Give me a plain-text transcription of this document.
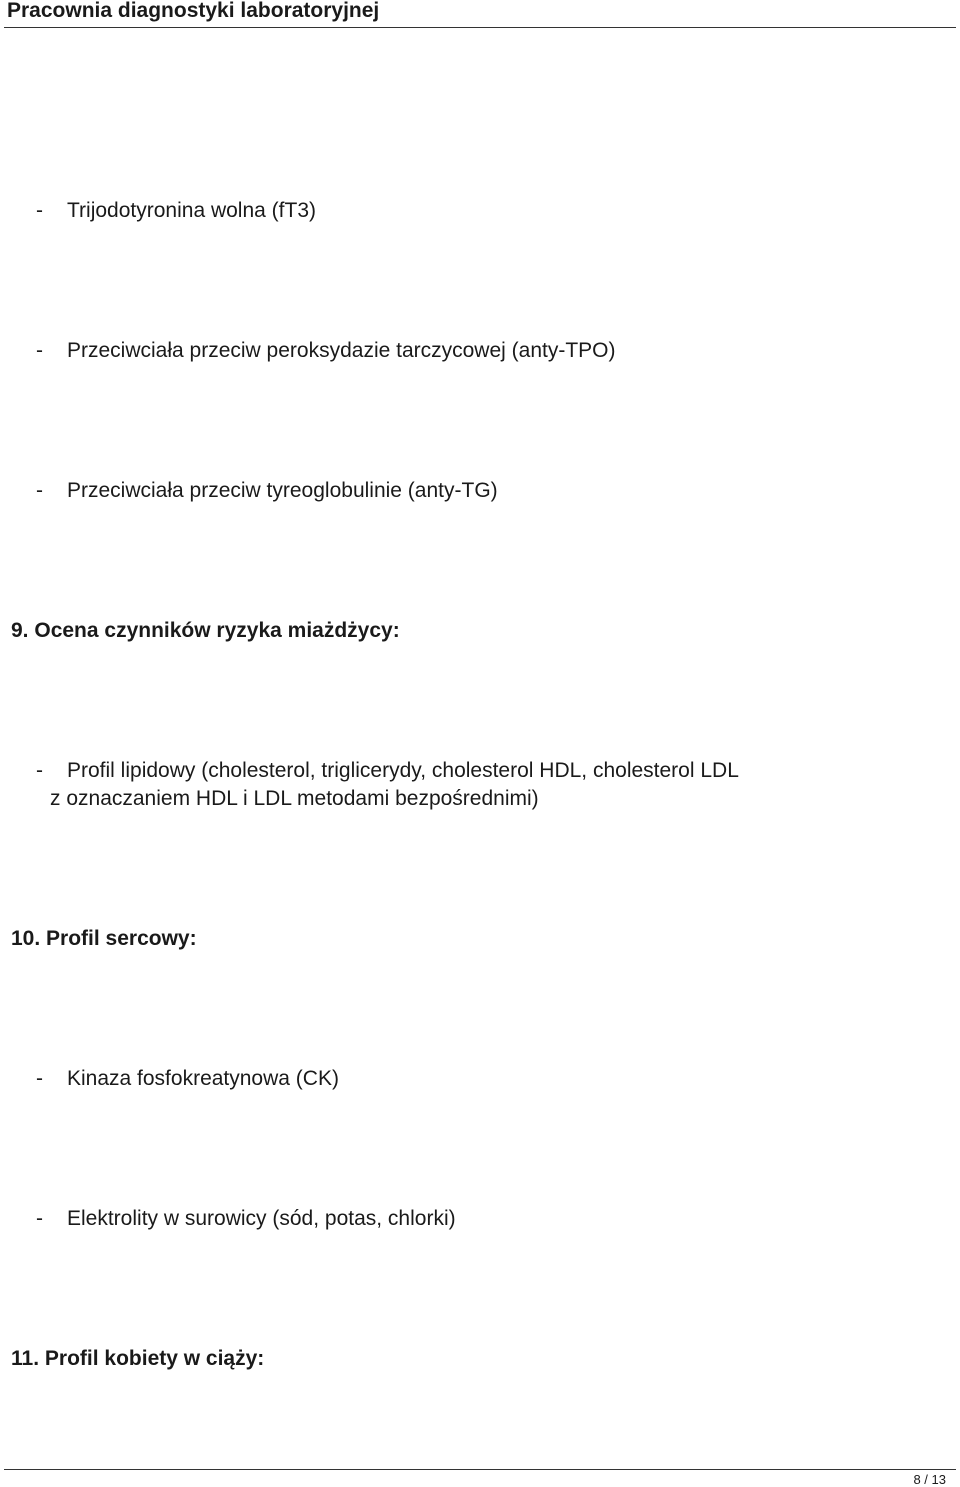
Pracownia diagnostyki laboratoryjnej
- Trijodotyronina wolna (fT3)
- Przeciwciała przeciw peroksydazie tarczycowej (anty-TPO)
- Przeciwciała przeciw tyreoglobulinie (anty-TG)
9. Ocena czynników ryzyka miażdżycy:
- Profil lipidowy (cholesterol, triglicerydy, cholesterol HDL, cholesterol LDL
z oznaczaniem HDL i LDL metodami bezpośrednimi)
10. Profil sercowy:
- Kinaza fosfokreatynowa (CK)
- Elektrolity w surowicy (sód, potas, chlorki)
11. Profil kobiety w ciąży:
8 / 13
